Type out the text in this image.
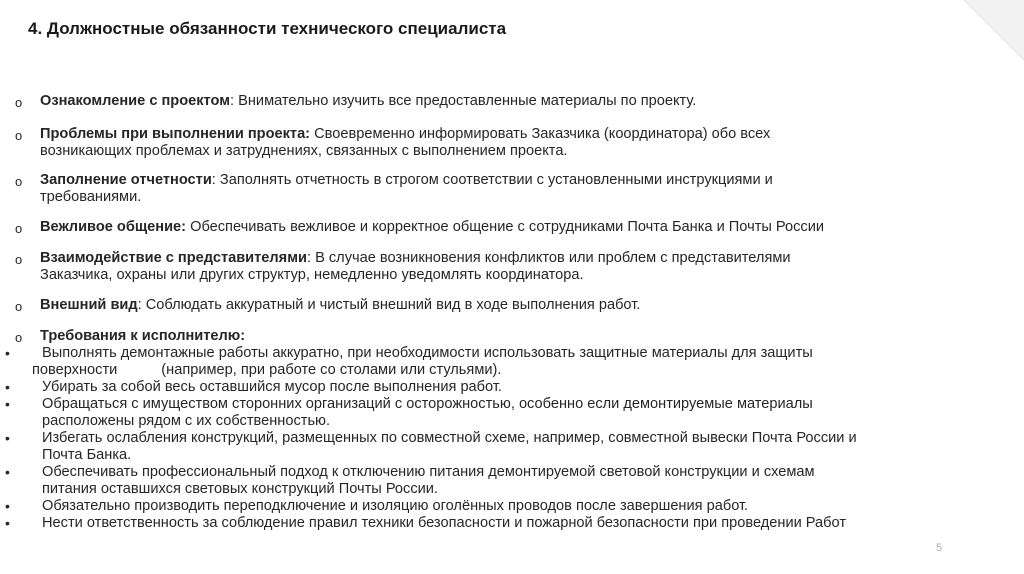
4. Должностные обязанности технического специалиста
o Ознакомление с проектом: Внимательно изучить все предоставленные материалы по проекту.
o Проблемы при выполнении проекта: Своевременно информировать Заказчика (координатора) обо всех
возникающих проблемах и затруднениях, связанных с выполнением проекта.
o Заполнение отчетности: Заполнять отчетность в строгом соответствии с установленными инструкциями и
требованиями.
o Вежливое общение: Обеспечивать вежливое и корректное общение с сотрудниками Почта Банка и Почты России
o Взаимодействие с представителями: В случае возникновения конфликтов или проблем с представителями
Заказчика, охраны или других структур, немедленно уведомлять координатора.
o Внешний вид: Соблюдать аккуратный и чистый внешний вид в ходе выполнения работ.
o Требования к исполнителю:
•	Выполнять демонтажные работы аккуратно, при необходимости использовать защитные материалы для защиты
поверхности	(например, при работе со столами или стульями).
•	Убирать за собой весь оставшийся мусор после выполнения работ.
•	Обращаться с имуществом сторонних организаций с осторожностью, особенно если демонтируемые материалы
расположены рядом с их собственностью.
•	Избегать ослабления конструкций, размещенных по совместной схеме, например, совместной вывески Почта России и
Почта Банка.
•	Обеспечивать профессиональный подход к отключению питания демонтируемой световой конструкции и схемам
питания оставшихся световых конструкций Почты России.
•	Обязательно производить переподключение и изоляцию оголённых проводов после завершения работ.
•	Нести ответственность за соблюдение правил техники безопасности и пожарной безопасности при проведении Работ
5
